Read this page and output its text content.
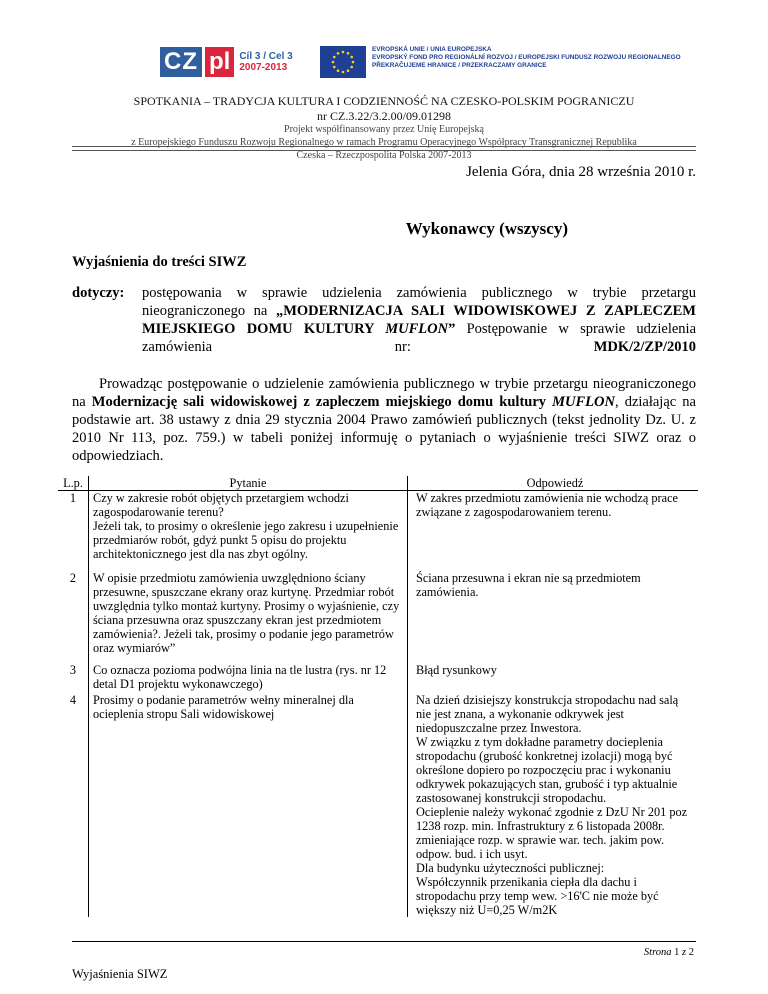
CZ pl Cíl 3 / Cel 3
2007-2013
EVROPSKÁ UNIE / UNIA EUROPEJSKA
EVROPSKÝ FOND PRO REGIONÁLNÍ ROZVOJ / EUROPEJSKI FUNDUSZ ROZWOJU REGIONALNEGO
PŘEKRAČUJEME HRANICE / PRZEKRACZAMY GRANICE
SPOTKANIA – TRADYCJA KULTURA I CODZIENNOŚĆ NA CZESKO-POLSKIM POGRANICZU
nr CZ.3.22/3.2.00/09.01298
Projekt współfinansowany przez Unię Europejską
z Europejskiego Funduszu Rozwoju Regionalnego w ramach Programu Operacyjnego Współpracy Transgranicznej Republika
Czeska – Rzeczpospolita Polska 2007-2013
Jelenia Góra, dnia 28 września 2010 r.
Wykonawcy (wszyscy)
Wyjaśnienia do treści SIWZ
dotyczy: postępowania w sprawie udzielenia zamówienia publicznego w trybie przetargu nieograniczonego na „MODERNIZACJA SALI WIDOWISKOWEJ Z ZAPLECZEM MIEJSKIEGO DOMU KULTURY MUFLON” Postępowanie w sprawie udzielenia zamówienia nr: MDK/2/ZP/2010
Prowadząc postępowanie o udzielenie zamówienia publicznego w trybie przetargu nieograniczonego na Modernizację sali widowiskowej z zapleczem miejskiego domu kultury MUFLON, działając na podstawie art. 38 ustawy z dnia 29 stycznia 2004 Prawo zamówień publicznych (tekst jednolity Dz. U. z 2010 Nr 113, poz. 759.) w tabeli poniżej informuję o pytaniach o wyjaśnienie treści SIWZ oraz o odpowiedziach.
L.p.	Pytanie	Odpowiedź
1	Czy w zakresie robót objętych przetargiem wchodzi zagospodarowanie terenu?
Jeżeli tak, to prosimy o określenie jego zakresu i uzupełnienie przedmiarów robót, gdyż punkt 5 opisu do projektu architektonicznego jest dla nas zbyt ogólny.	W zakres przedmiotu zamówienia nie wchodzą prace związane z zagospodarowaniem terenu.
2	W opisie przedmiotu zamówienia uwzględniono ściany przesuwne, spuszczane ekrany oraz kurtynę. Przedmiar robót uwzględnia tylko montaż kurtyny. Prosimy o wyjaśnienie, czy ściana przesuwna oraz spuszczany ekran jest przedmiotem zamówienia?. Jeżeli tak, prosimy o podanie jego parametrów oraz wymiarów”	Ściana przesuwna i ekran nie są przedmiotem zamówienia.
3	Co oznacza pozioma podwójna linia na tle lustra (rys. nr 12 detal D1 projektu wykonawczego)	Błąd rysunkowy
4	Prosimy o podanie parametrów wełny mineralnej dla ocieplenia stropu Sali widowiskowej	Na dzień dzisiejszy konstrukcja stropodachu nad salą nie jest znana, a wykonanie odkrywek jest niedopuszczalne przez Inwestora.
W związku z tym dokładne parametry docieplenia stropodachu (grubość konkretnej izolacji) mogą być określone dopiero po rozpoczęciu prac i wykonaniu odkrywek pokazujących stan, grubość i typ aktualnie zastosowanej konstrukcji stropodachu.
Ocieplenie należy wykonać zgodnie z DzU Nr 201 poz 1238 rozp. min. Infrastruktury z 6 listopada 2008r. zmieniające rozp. w sprawie war. tech. jakim pow. odpow. bud. i ich usyt.
Dla budynku użyteczności publicznej:
Współczynnik przenikania ciepła dla dachu i stropodachu przy temp wew. >16'C nie może być większy niż U=0,25 W/m2K
Strona 1 z 2
Wyjaśnienia SIWZ
